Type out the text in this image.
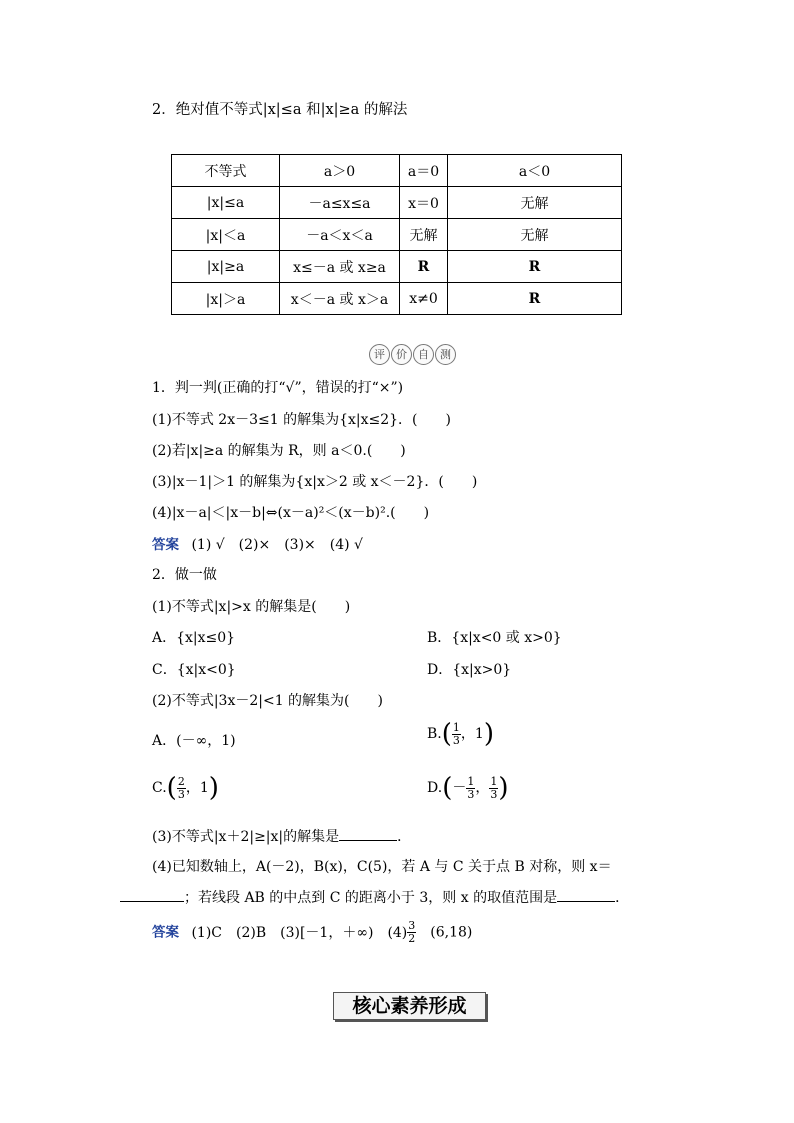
2．绝对值不等式|x|≤a 和|x|≥a 的解法
不等式	a＞0	a＝0	a＜0
|x|≤a	－a≤x≤a	x＝0	无解
|x|＜a	－a＜x＜a	无解	无解
|x|≥a	x≤－a 或 x≥a	R	R
|x|＞a	x＜－a 或 x＞a	x≠0	R
评	价	自	测
1．判一判(正确的打“√”，错误的打“×”)
(1)不等式 2x－3≤1 的解集为{x|x≤2}．(　　)
(2)若|x|≥a 的解集为 R，则 a＜0.(　　)
(3)|x－1|＞1 的解集为{x|x＞2 或 x＜－2}．(　　)
(4)|x－a|＜|x－b|⇔(x－a)²＜(x－b)².(　　)
答案 (1) √　(2)×　(3)×　(4) √
2．做一做
(1)不等式|x|>x 的解集是(　　)
A．{x|x≤0}	B．{x|x<0 或 x>0}
C．{x|x<0}	D．{x|x>0}
(2)不等式|3x－2|<1 的解集为(　　)
A．(－∞，1)	$B.( \frac{1}{3}$ ，1)
$C.( \frac{2}{3}$ ，1)	$D.(- \frac{1}{3}$ ， $\frac{1}{3}$ )
(3)不等式|x＋2|≥|x|的解集是	．
(4)已知数轴上，A(－2)，B(x)，C(5)，若 A 与 C 关于点 B 对称，则 x＝
；若线段 AB 的中点到 C 的距离小于 3，则 x 的取值范围是	．
答案 (1)C　(2)B　(3)[－1，＋∞)　$(4) \frac{3}{2}$ 　(6,18)
核心素养形成
